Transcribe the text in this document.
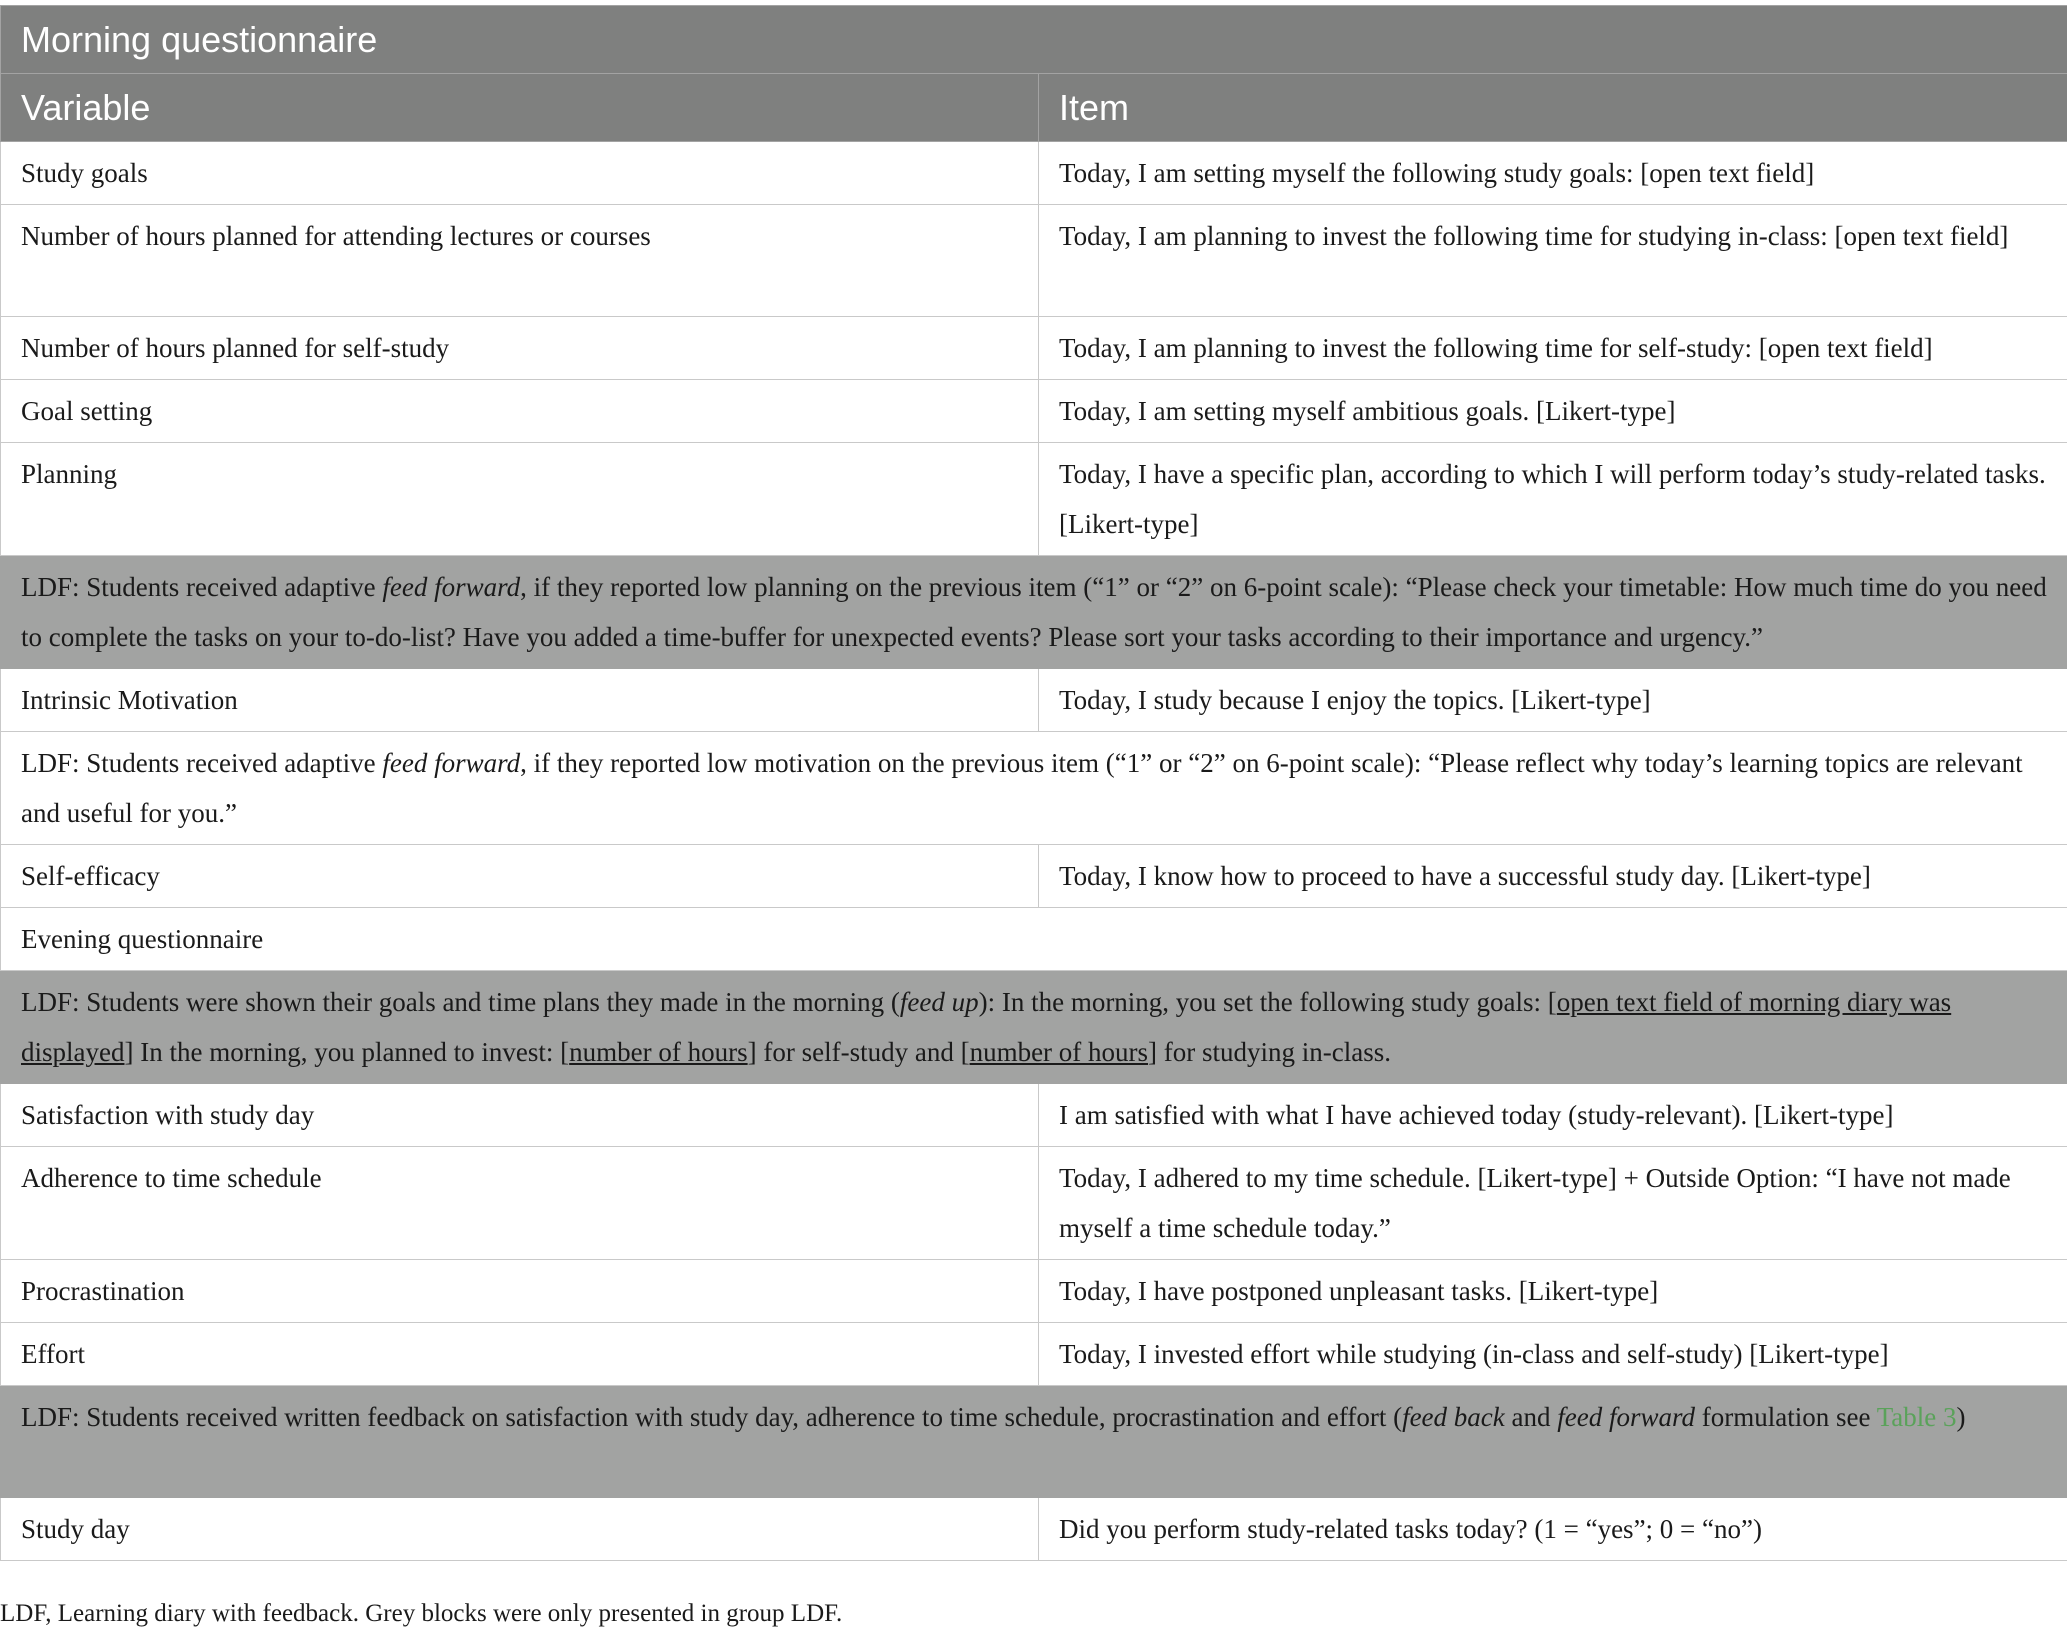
Morning questionnaire	
Variable	Item
Study goals	Today, I am setting myself the following study goals: [open text field]
Number of hours planned for attending lectures or courses	Today, I am planning to invest the following time for studying in-class: [open text field]
Number of hours planned for self-study	Today, I am planning to invest the following time for self-study: [open text field]
Goal setting	Today, I am setting myself ambitious goals. [Likert-type]
Planning	Today, I have a specific plan, according to which I will perform today’s study-related tasks. [Likert-type]
LDF: Students received adaptive feed forward, if they reported low planning on the previous item (“1” or “2” on 6-point scale): “Please check your timetable: How much time do you need to complete the tasks on your to-do-list? Have you added a time-buffer for unexpected events? Please sort your tasks according to their importance and urgency.”	
Intrinsic Motivation	Today, I study because I enjoy the topics. [Likert-type]
LDF: Students received adaptive feed forward, if they reported low motivation on the previous item (“1” or “2” on 6-point scale): “Please reflect why today’s learning topics are relevant and useful for you.”	
Self-efficacy	Today, I know how to proceed to have a successful study day. [Likert-type]
Evening questionnaire	
LDF: Students were shown their goals and time plans they made in the morning (feed up): In the morning, you set the following study goals: [open text field of morning diary was displayed] In the morning, you planned to invest: [number of hours] for self-study and [number of hours] for studying in-class.	
Satisfaction with study day	I am satisfied with what I have achieved today (study-relevant). [Likert-type]
Adherence to time schedule	Today, I adhered to my time schedule. [Likert-type] + Outside Option: “I have not made myself a time schedule today.”
Procrastination	Today, I have postponed unpleasant tasks. [Likert-type]
Effort	Today, I invested effort while studying (in-class and self-study) [Likert-type]
LDF: Students received written feedback on satisfaction with study day, adherence to time schedule, procrastination and effort (feed back and feed forward formulation see Table 3)	
Study day	Did you perform study-related tasks today? (1 = “yes”; 0 = “no”)
LDF, Learning diary with feedback. Grey blocks were only presented in group LDF.
